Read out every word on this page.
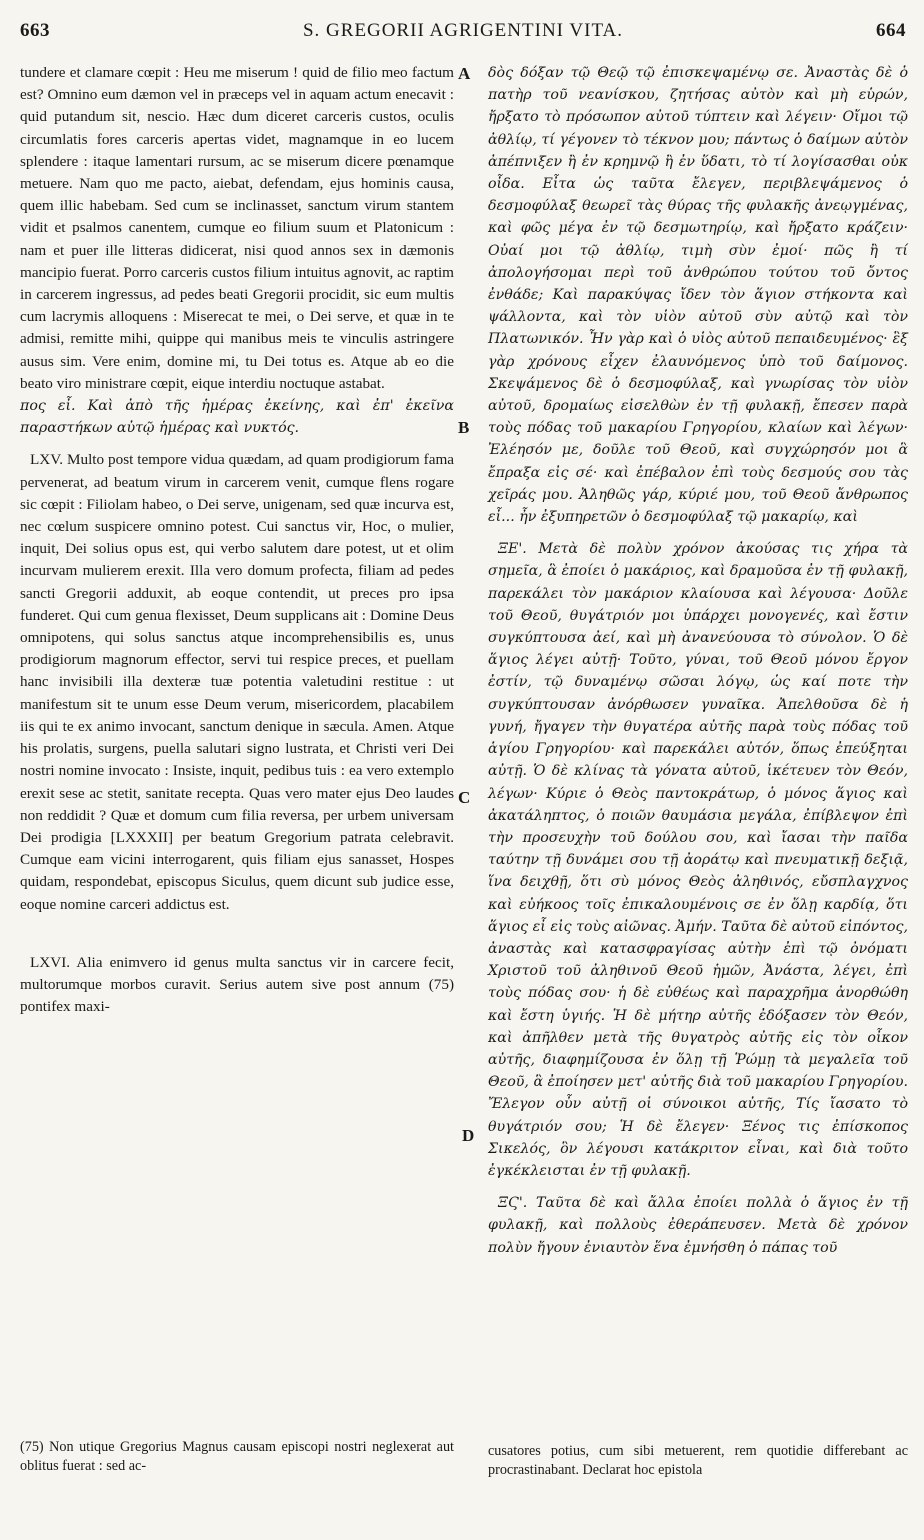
663	S. GREGORII AGRIGENTINI VITA.	664

tundere et clamare cœpit : Heu me miserum ! quid de filio meo factum est? Omnino eum dæmon vel in præceps vel in aquam actum enecavit : quid putandum sit, nescio. Hæc dum diceret carceris custos, oculis circumlatis fores carceris apertas videt, magnamque in eo lucem splendere : itaque lamentari rursum, ac se miserum dicere pœnamque metuere. Nam quo me pacto, aiebat, defendam, ejus hominis causa, quem illic habebam. Sed cum se inclinasset, sanctum virum stantem vidit et psalmos canentem, cumque eo filium suum et Platonicum : nam et puer ille litteras didicerat, nisi quod annos sex in dæmonis mancipio fuerat. Porro carceris custos filium intuitus agnovit, ac raptim in carcerem ingressus, ad pedes beati Gregorii procidit, sic eum multis cum lacrymis alloquens : Miserecat te mei, o Dei serve, et quæ in te admisi, remitte mihi, quippe qui manibus meis te vinculis astringere ausus sim. Vere enim, domine mi, tu Dei totus es. Atque ab eo die beato viro ministrare cœpit, eique interdiu noctuque astabat.

πος εἶ. Καὶ ἀπὸ τῆς ἡμέρας ἐκείνης, καὶ ἐπ' ἐκεῖνα παραστήκων αὐτῷ ἡμέρας καὶ νυκτός.

LXV. Multo post tempore vidua quædam, ad quam prodigiorum fama pervenerat, ad beatum virum in carcerem venit, cumque flens rogare sic cœpit : Filiolam habeo, o Dei serve, unigenam, sed quæ incurva est, nec cœlum suspicere omnino potest. Cui sanctus vir, Hoc, o mulier, inquit, Dei solius opus est, qui verbo salutem dare potest, ut et olim incurvam mulierem erexit. Illa vero domum profecta, filiam ad pedes sancti Gregorii adduxit, ab eoque contendit, ut preces pro ipsa funderet. Qui cum genua flexisset, Deum supplicans ait : Domine Deus omnipotens, qui solus sanctus atque incomprehensibilis es, unus prodigiorum magnorum effector, servi tui respice preces, et puellam hanc invisibili illa dexteræ tuæ potentia valetudini restitue : ut manifestum sit te unum esse Deum verum, misericordem, placabilem iis qui te ex animo invocant, sanctum denique in sæcula. Amen. Atque his prolatis, surgens, puella salutari signo lustrata, et Christi veri Dei nostri nomine invocato : Insiste, inquit, pedibus tuis : ea vero extemplo erexit sese ac stetit, sanitate recepta. Quas vero mater ejus Deo laudes non reddidit ? Quæ et domum cum filia reversa, per urbem universam Dei prodigia [LXXXII] per beatum Gregorium patrata celebravit. Cumque eam vicini interrogarent, quis filiam ejus sanasset, Hospes quidam, respondebat, episcopus Siculus, quem dicunt sub judice esse, eoque nomine carceri addictus est.

LXVI. Alia enimvero id genus multa sanctus vir in carcere fecit, multorumque morbos curavit. Serius autem sive post annum (75) pontifex maxi-

A
B
C
D

δὸς δόξαν τῷ Θεῷ τῷ ἐπισκεψαμένῳ σε. Ἀναστὰς δὲ ὁ πατὴρ τοῦ νεανίσκου, ζητήσας αὐτὸν καὶ μὴ εὑρών, ἤρξατο τὸ πρόσωπον αὐτοῦ τύπτειν καὶ λέγειν· Οἴμοι τῷ ἀθλίῳ, τί γέγονεν τὸ τέκνον μου; πάντως ὁ δαίμων αὐτὸν ἀπέπνιξεν ἢ ἐν κρημνῷ ἢ ἐν ὕδατι, τὸ τί λογίσασθαι οὐκ οἶδα. Εἶτα ὡς ταῦτα ἔλεγεν, περιβλεψάμενος ὁ δεσμοφύλαξ θεωρεῖ τὰς θύρας τῆς φυλακῆς ἀνεῳγμένας, καὶ φῶς μέγα ἐν τῷ δεσμωτηρίῳ, καὶ ἤρξατο κράζειν· Οὐαί μοι τῷ ἀθλίῳ, τιμὴ σὺν ἐμοί· πῶς ἢ τί ἀπολογήσομαι περὶ τοῦ ἀνθρώπου τούτου τοῦ ὄντος ἐνθάδε; Καὶ παρακύψας ἴδεν τὸν ἅγιον στήκοντα καὶ ψάλλοντα, καὶ τὸν υἱὸν αὐτοῦ σὺν αὐτῷ καὶ τὸν Πλατωνικόν. Ἦν γὰρ καὶ ὁ υἱὸς αὐτοῦ πεπαιδευμένος· ἓξ γὰρ χρόνους εἶχεν ἐλαυνόμενος ὑπὸ τοῦ δαίμονος. Σκεψάμενος δὲ ὁ δεσμοφύλαξ, καὶ γνωρίσας τὸν υἱὸν αὐτοῦ, δρομαίως εἰσελθὼν ἐν τῇ φυλακῇ, ἔπεσεν παρὰ τοὺς πόδας τοῦ μακαρίου Γρηγορίου, κλαίων καὶ λέγων· Ἐλέησόν με, δοῦλε τοῦ Θεοῦ, καὶ συγχώρησόν μοι ἃ ἔπραξα εἰς σέ· καὶ ἐπέβαλον ἐπὶ τοὺς δεσμούς σου τὰς χεῖράς μου. Ἀληθῶς γάρ, κύριέ μου, τοῦ Θεοῦ ἄνθρωπος εἶ... ἦν ἐξυπηρετῶν ὁ δεσμοφύλαξ τῷ μακαρίῳ, καὶ

ΞΕ'. Μετὰ δὲ πολὺν χρόνον ἀκούσας τις χήρα τὰ σημεῖα, ἃ ἐποίει ὁ μακάριος, καὶ δραμοῦσα ἐν τῇ φυλακῇ, παρεκάλει τὸν μακάριον κλαίουσα καὶ λέγουσα· Δοῦλε τοῦ Θεοῦ, θυγάτριόν μοι ὑπάρχει μονογενές, καὶ ἔστιν συγκύπτουσα ἀεί, καὶ μὴ ἀνανεύουσα τὸ σύνολον. Ὁ δὲ ἅγιος λέγει αὐτῇ· Τοῦτο, γύναι, τοῦ Θεοῦ μόνου ἔργον ἐστίν, τῷ δυναμένῳ σῶσαι λόγῳ, ὡς καί ποτε τὴν συγκύπτουσαν ἀνόρθωσεν γυναῖκα. Ἀπελθοῦσα δὲ ἡ γυνή, ἤγαγεν τὴν θυγατέρα αὐτῆς παρὰ τοὺς πόδας τοῦ ἁγίου Γρηγορίου· καὶ παρεκάλει αὐτόν, ὅπως ἐπεύξηται αὐτῇ. Ὁ δὲ κλίνας τὰ γόνατα αὐτοῦ, ἱκέτευεν τὸν Θεόν, λέγων· Κύριε ὁ Θεὸς παντοκράτωρ, ὁ μόνος ἅγιος καὶ ἀκατάληπτος, ὁ ποιῶν θαυμάσια μεγάλα, ἐπίβλεψον ἐπὶ τὴν προσευχὴν τοῦ δούλου σου, καὶ ἴασαι τὴν παῖδα ταύτην τῇ δυνάμει σου τῇ ἀοράτῳ καὶ πνευματικῇ δεξιᾷ, ἵνα δειχθῇ, ὅτι σὺ μόνος Θεὸς ἀληθινός, εὔσπλαγχνος καὶ εὐήκοος τοῖς ἐπικαλουμένοις σε ἐν ὅλῃ καρδίᾳ, ὅτι ἅγιος εἶ εἰς τοὺς αἰῶνας. Ἀμήν. Ταῦτα δὲ αὐτοῦ εἰπόντος, ἀναστὰς καὶ κατασφραγίσας αὐτὴν ἐπὶ τῷ ὀνόματι Χριστοῦ τοῦ ἀληθινοῦ Θεοῦ ἡμῶν, Ἀνάστα, λέγει, ἐπὶ τοὺς πόδας σου· ἡ δὲ εὐθέως καὶ παραχρῆμα ἀνορθώθη καὶ ἔστη ὑγιής. Ἡ δὲ μήτηρ αὐτῆς ἐδόξασεν τὸν Θεόν, καὶ ἀπῆλθεν μετὰ τῆς θυγατρὸς αὐτῆς εἰς τὸν οἶκον αὐτῆς, διαφημίζουσα ἐν ὅλῃ τῇ Ῥώμῃ τὰ μεγαλεῖα τοῦ Θεοῦ, ἃ ἐποίησεν μετ' αὐτῆς διὰ τοῦ μακαρίου Γρηγορίου. Ἔλεγον οὖν αὐτῇ οἱ σύνοικοι αὐτῆς, Τίς ἴασατο τὸ θυγάτριόν σου; Ἡ δὲ ἔλεγεν· Ξένος τις ἐπίσκοπος Σικελός, ὃν λέγουσι κατάκριτον εἶναι, καὶ διὰ τοῦτο ἐγκέκλεισται ἐν τῇ φυλακῇ.

ΞϚ'. Ταῦτα δὲ καὶ ἄλλα ἐποίει πολλὰ ὁ ἅγιος ἐν τῇ φυλακῇ, καὶ πολλοὺς ἐθεράπευσεν. Μετὰ δὲ χρόνον πολὺν ἤγουν ἐνιαυτὸν ἕνα ἐμνήσθη ὁ πάπας τοῦ

(75) Non utique Gregorius Magnus causam episcopi nostri neglexerat aut oblitus fuerat : sed ac-
cusatores potius, cum sibi metuerent, rem quotidie differebant ac procrastinabant. Declarat hoc epistola
